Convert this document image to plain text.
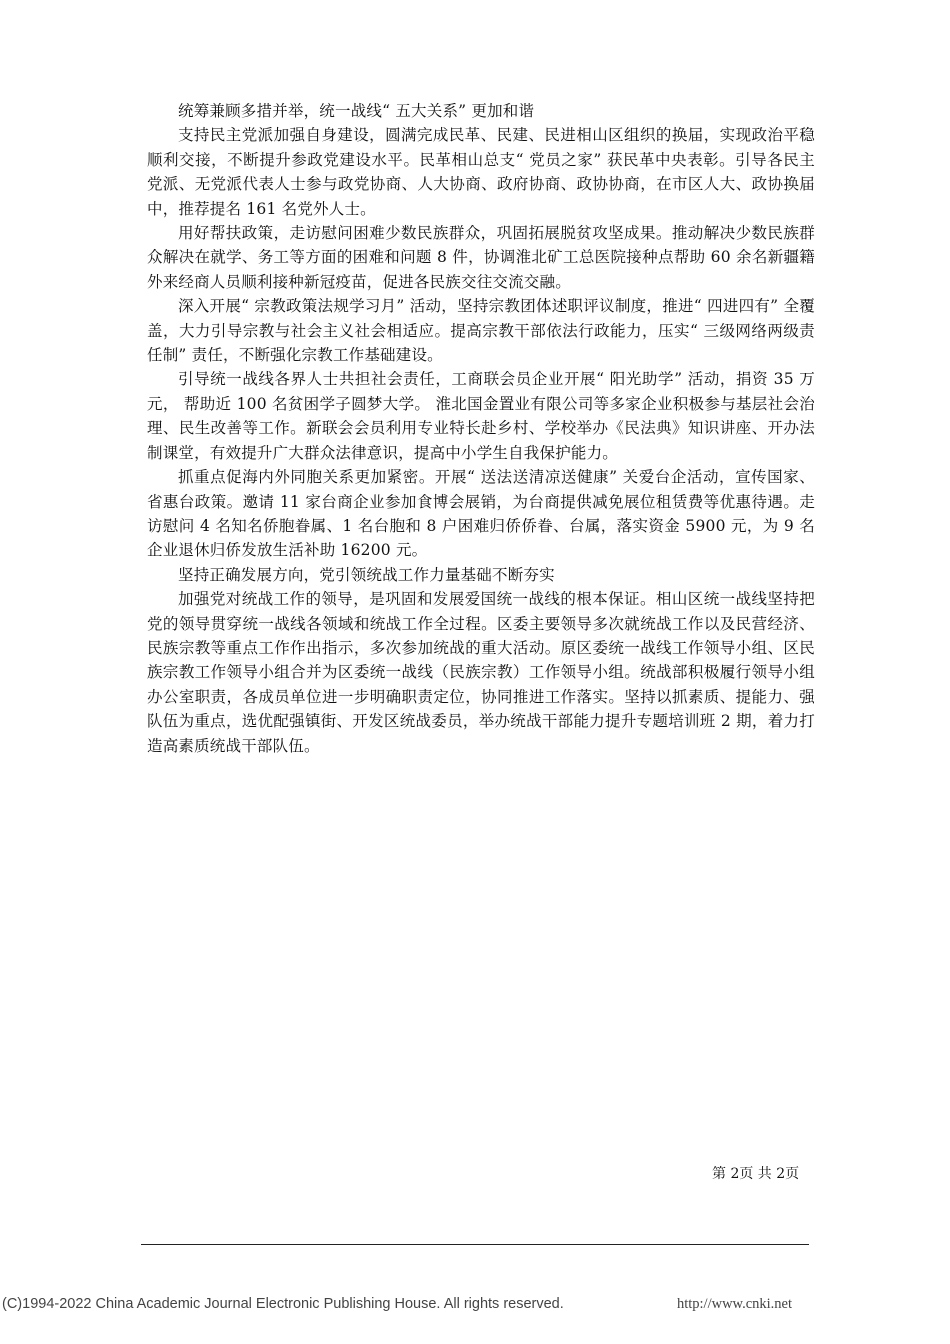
统筹兼顾多措并举，统一战线“ 五大关系” 更加和谐

支持民主党派加强自身建设，圆满完成民革、民建、民进相山区组织的换届，实现政治平稳顺利交接，不断提升参政党建设水平。民革相山总支“ 党员之家” 获民革中央表彰。引导各民主党派、无党派代表人士参与政党协商、人大协商、政府协商、政协协商，在市区人大、政协换届中，推荐提名 161 名党外人士。

用好帮扶政策，走访慰问困难少数民族群众，巩固拓展脱贫攻坚成果。推动解决少数民族群众解决在就学、务工等方面的困难和问题 8 件，协调淮北矿工总医院接种点帮助 60 余名新疆籍外来经商人员顺利接种新冠疫苗，促进各民族交往交流交融。

深入开展“ 宗教政策法规学习月” 活动，坚持宗教团体述职评议制度，推进“ 四进四有” 全覆盖，大力引导宗教与社会主义社会相适应。提高宗教干部依法行政能力，压实“ 三级网络两级责任制” 责任，不断强化宗教工作基础建设。

引导统一战线各界人士共担社会责任，工商联会员企业开展“ 阳光助学” 活动，捐资 35 万元， 帮助近 100 名贫困学子圆梦大学。 淮北国金置业有限公司等多家企业积极参与基层社会治理、民生改善等工作。新联会会员利用专业特长赴乡村、学校举办《民法典》知识讲座、开办法制课堂，有效提升广大群众法律意识，提高中小学生自我保护能力。

抓重点促海内外同胞关系更加紧密。开展“ 送法送清凉送健康” 关爱台企活动，宣传国家、省惠台政策。邀请 11 家台商企业参加食博会展销，为台商提供减免展位租赁费等优惠待遇。走访慰问 4 名知名侨胞眷属、1 名台胞和 8 户困难归侨侨眷、台属，落实资金 5900 元，为 9 名企业退休归侨发放生活补助 16200 元。

坚持正确发展方向，党引领统战工作力量基础不断夯实

加强党对统战工作的领导，是巩固和发展爱国统一战线的根本保证。相山区统一战线坚持把党的领导贯穿统一战线各领域和统战工作全过程。区委主要领导多次就统战工作以及民营经济、民族宗教等重点工作作出指示，多次参加统战的重大活动。原区委统一战线工作领导小组、区民族宗教工作领导小组合并为区委统一战线（民族宗教）工作领导小组。统战部积极履行领导小组办公室职责，各成员单位进一步明确职责定位，协同推进工作落实。坚持以抓素质、提能力、强队伍为重点，选优配强镇街、开发区统战委员，举办统战干部能力提升专题培训班 2 期，着力打造高素质统战干部队伍。

第 2页 共 2页
(C)1994-2022 China Academic Journal Electronic Publishing House. All rights reserved.	http://www.cnki.net
